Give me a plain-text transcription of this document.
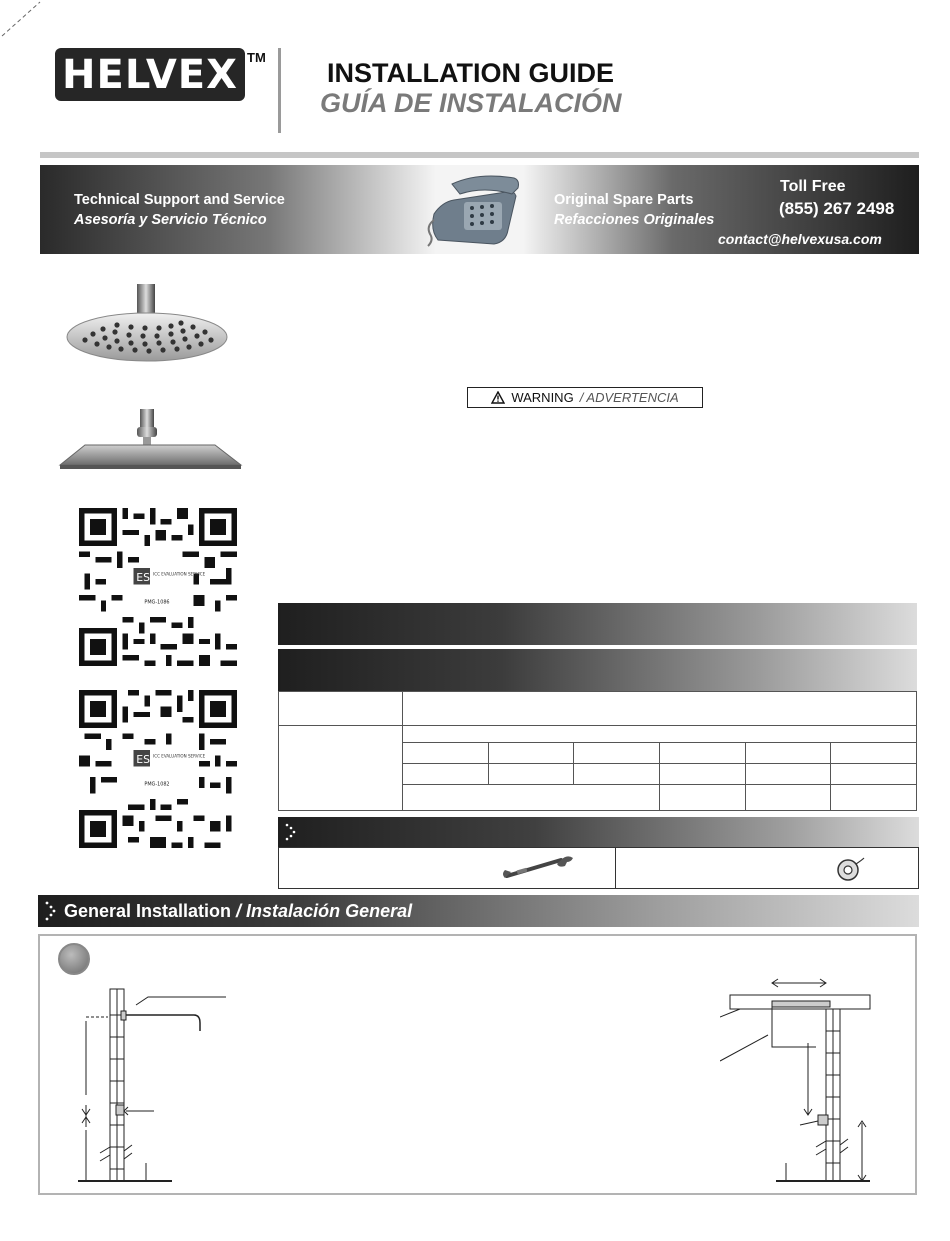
HELVEX TM
INSTALLATION GUIDE
GUÍA DE INSTALACIÓN
Technical Support and Service
Asesoría y Servicio Técnico
Original Spare Parts
Refacciones Originales
Toll Free
(855) 267 2498
contact@helvexusa.com
ES
ES
WARNING / ADVERTENCIA

General Installation / Instalación General
